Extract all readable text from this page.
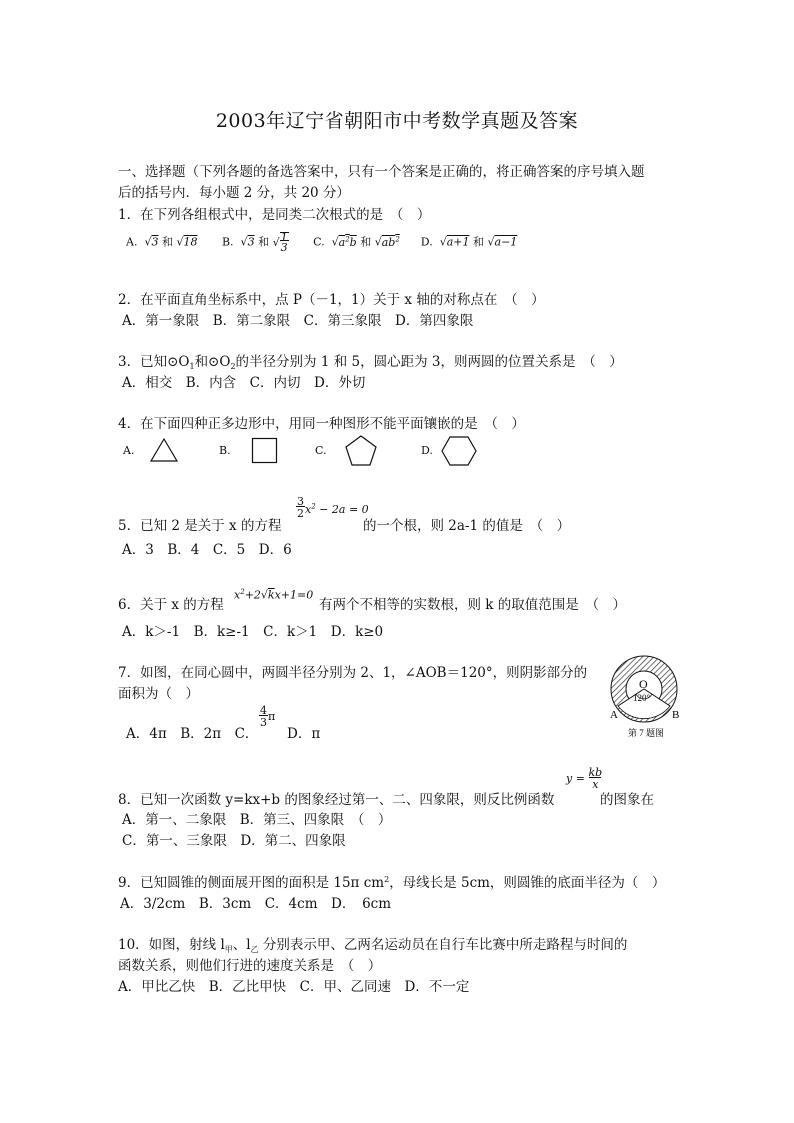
2003年辽宁省朝阳市中考数学真题及答案
一、选择题（下列各题的备选答案中，只有一个答案是正确的，将正确答案的序号填入题
后的括号内．每小题 2 分，共 20 分）
1．在下列各组根式中，是同类二次根式的是　（　）
A.  √3 和 √18 B.  √3 和 √1
3 C.  $√a^2b$ 和 $√ab^2$ D.  √a+1 和 √a−1
2．在平面直角坐标系中，点 P（－1，1）关于 x 轴的对称点在　（　）
A．第一象限　B．第二象限　C．第三象限　D．第四象限
3．已知$⊙O_1$和$⊙O_2$的半径分别为 1 和 5，圆心距为 3，则两圆的位置关系是　（　）
A．相交　B．内含　C．内切　D．外切
4．在下面四种正多边形中，用同一种图形不能平面镶嵌的是　（　）
A.	B.	C.	D.
5．已知 2 是关于 x 的方程
3
$2x^2 - 2a = 0$
的一个根，则 2a-1 的值是　（　）
A．3　B．4　C．5　D．6
6．关于 x 的方程
$x^2+2√kx+1=0$
有两个不相等的实数根，则 k 的取值范围是　（　）
A．k＞-1　B．k≥-1　C．k＞1　D．k≥0
7．如图，在同心圆中，两圆半径分别为 2、1，∠AOB＝120°，则阴影部分的
面积为（　）
A．4π　B．2π　C．
4
3π
D．π
O
120°
A	B
第 7 题图
8．已知一次函数 y=kx+b 的图象经过第一、二、四象限，则反比例函数
y = kb
x
的图象在
A．第一、二象限　B．第三、四象限　（　）
C．第一、三象限　D．第二、四象限
9．已知圆锥的侧面展开图的面积是 15π $cm^2$，母线长是 5cm，则圆锥的底面半径为（　）
A．3/2cm　B．3cm　C．4cm　D．　6cm
10．如图，射线 $l_甲$、$l_乙$ 分别表示甲、乙两名运动员在自行车比赛中所走路程与时间的
函数关系，则他们行进的速度关系是　（　）
A．甲比乙快　B．乙比甲快　C．甲、乙同速　D．不一定
